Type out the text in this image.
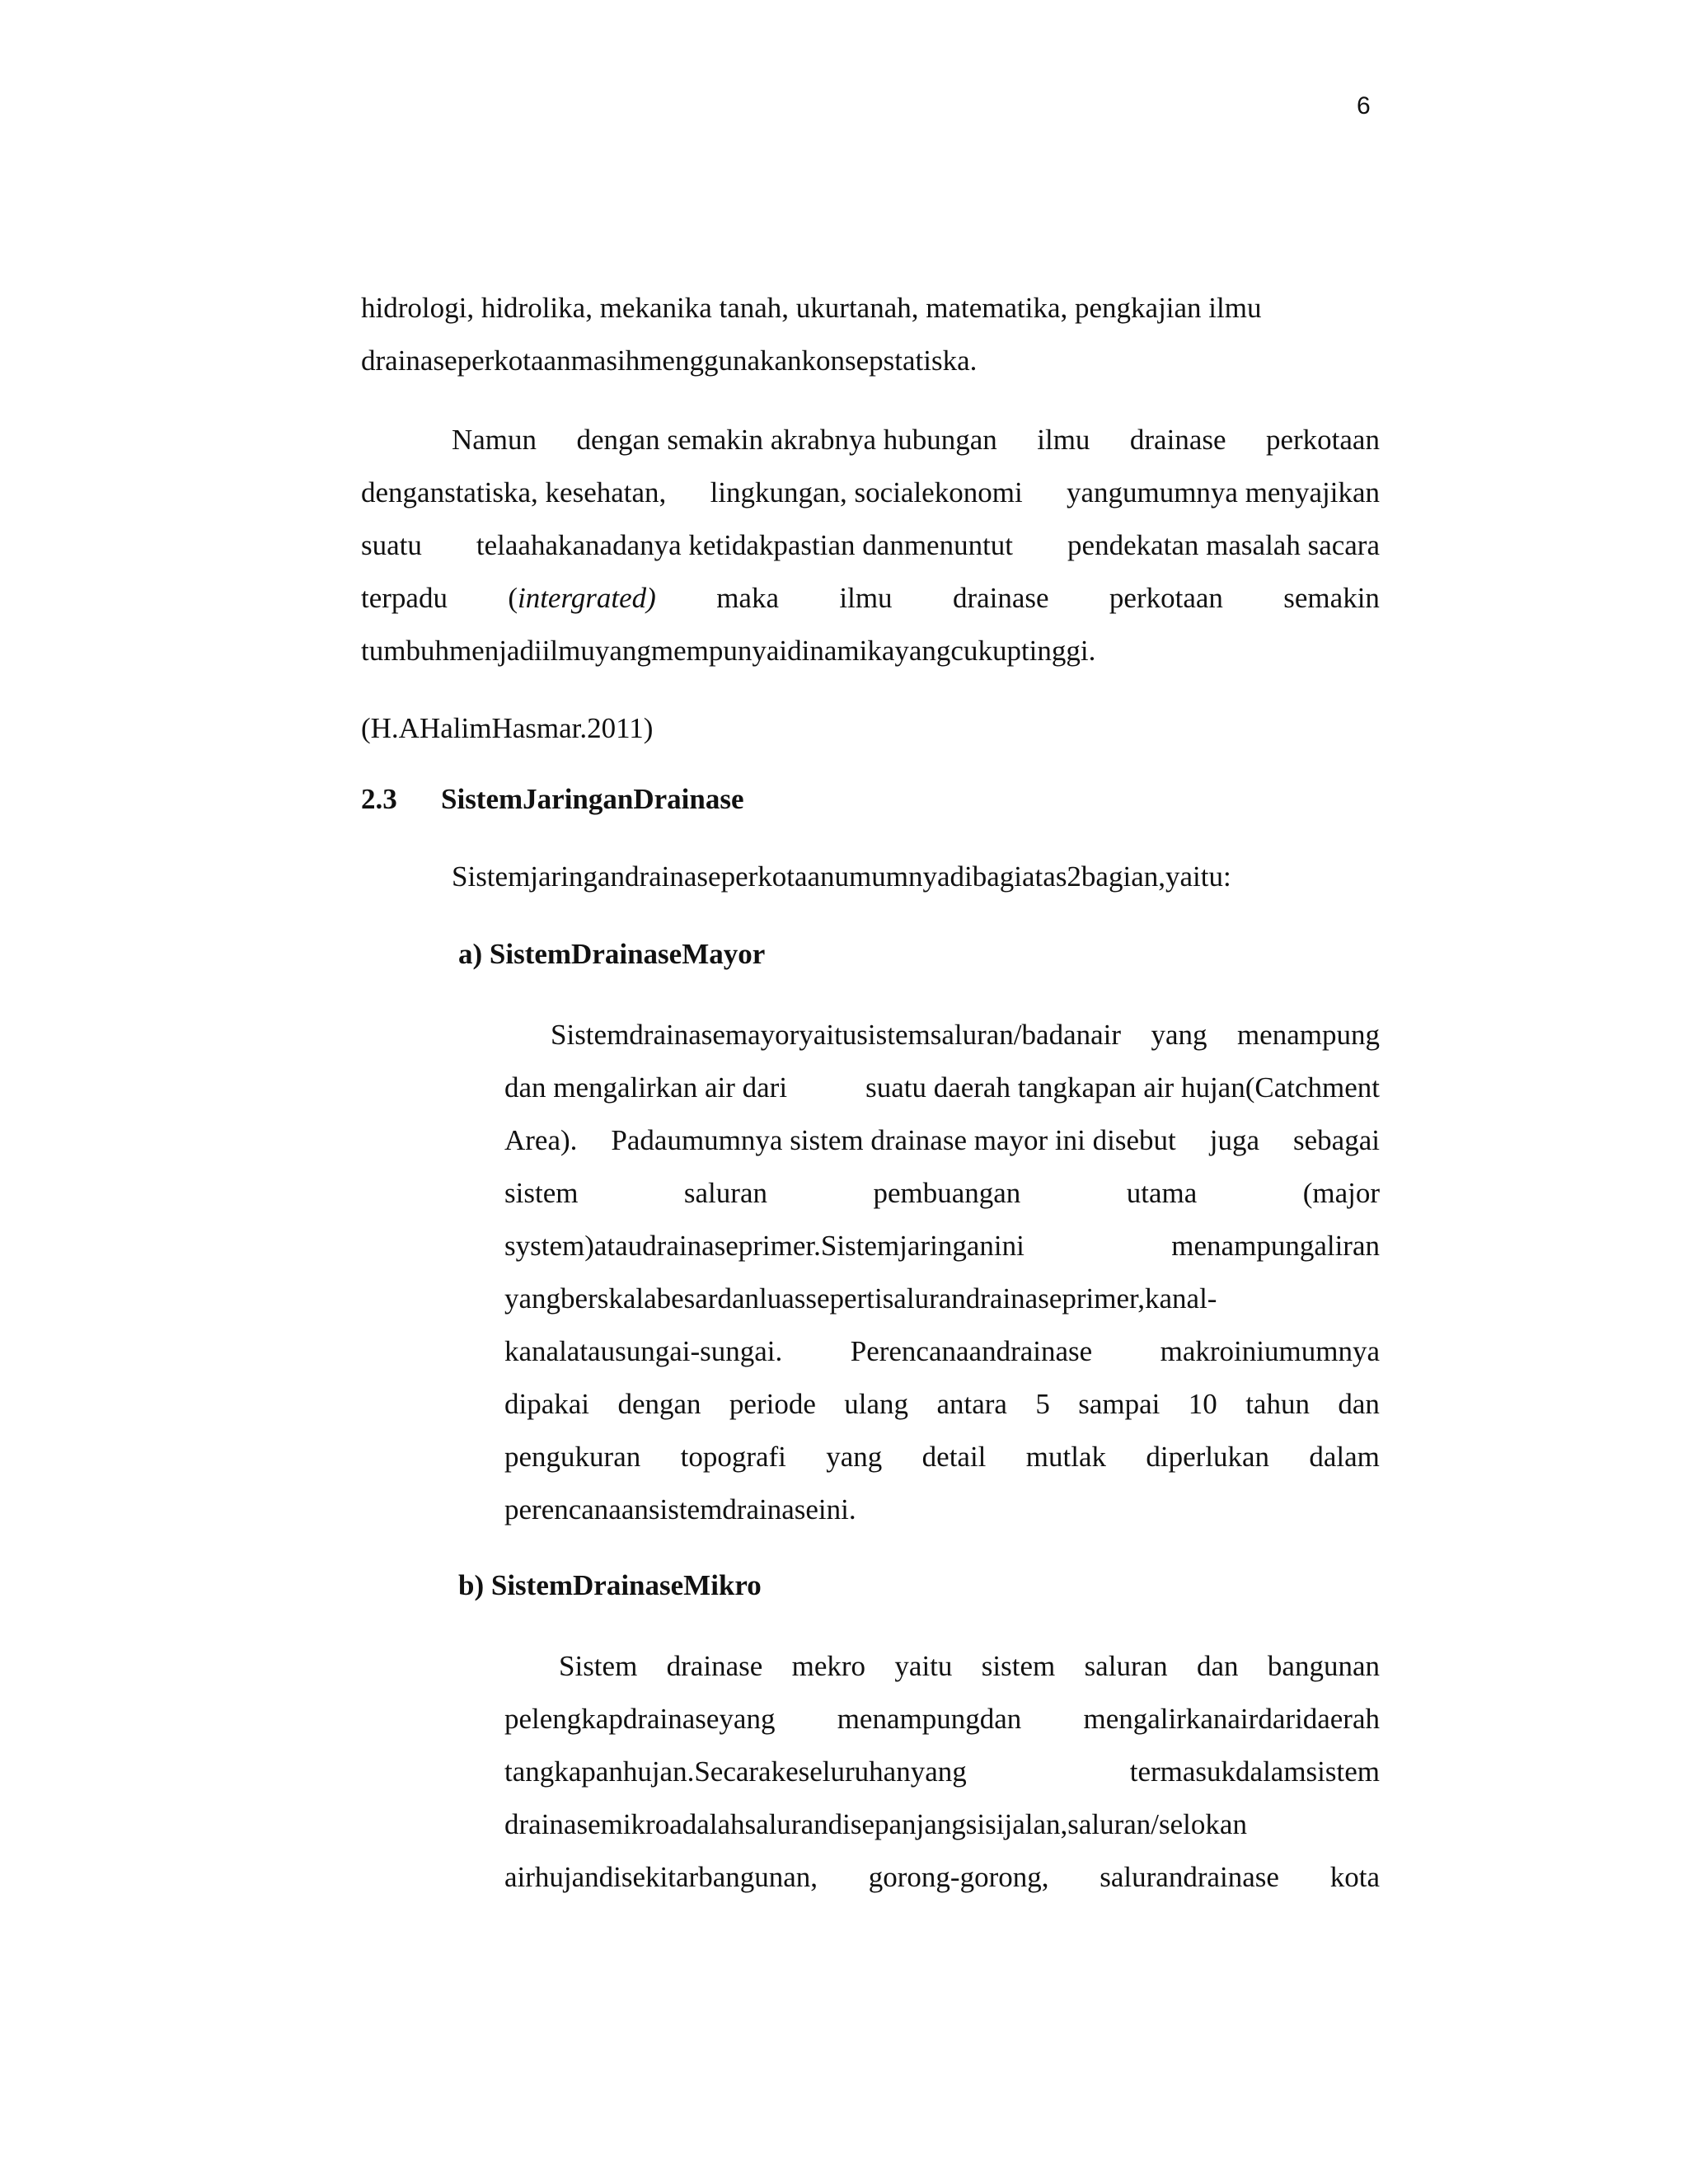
6
hidrologi, hidrolika, mekanika tanah, ukurtanah, matematika, pengkajian ilmu
drainaseperkotaanmasihmenggunakankonsepstatiska.
Namun dengan semakin akrabnya hubungan ilmu drainase perkotaan
denganstatiska, kesehatan, lingkungan, socialekonomi yangumumnya menyajikan
suatu telaahakanadanya ketidakpastian danmenuntut pendekatan masalah sacara
terpadu (intergrated) maka ilmu drainase perkotaan semakin
tumbuhmenjadiilmuyangmempunyaidinamikayangcukuptinggi.
(H.AHalimHasmar.2011)
2.3 SistemJaringanDrainase
Sistemjaringandrainaseperkotaanumumnyadibagiatas2bagian,yaitu:
a) SistemDrainaseMayor
Sistemdrainasemayoryaitusistemsaluran/badanair yang menampung
dan mengalirkan air dari	suatu daerah tangkapan air hujan(Catchment
Area). Padaumumnya sistem drainase mayor ini disebut juga sebagai
sistem	saluran	pembuangan	utama	(major
system)ataudrainaseprimer.Sistemjaringanini	menampungaliran
yangberskalabesardanluassepertisalurandrainaseprimer,kanal-
kanalatausungai-sungai. Perencanaandrainase makroiniumumnya
dipakai dengan periode ulang antara 5 sampai 10 tahun dan
pengukuran topografi yang detail mutlak diperlukan dalam
perencanaansistemdrainaseini.
b) SistemDrainaseMikro
Sistem drainase mekro yaitu sistem saluran dan bangunan
pelengkapdrainaseyang menampungdan mengalirkanairdaridaerah
tangkapanhujan.Secarakeseluruhanyang	termasukdalamsistem
drainasemikroadalahsalurandisepanjangsisijalan,saluran/selokan
airhujandisekitarbangunan, gorong-gorong, salurandrainase kota
